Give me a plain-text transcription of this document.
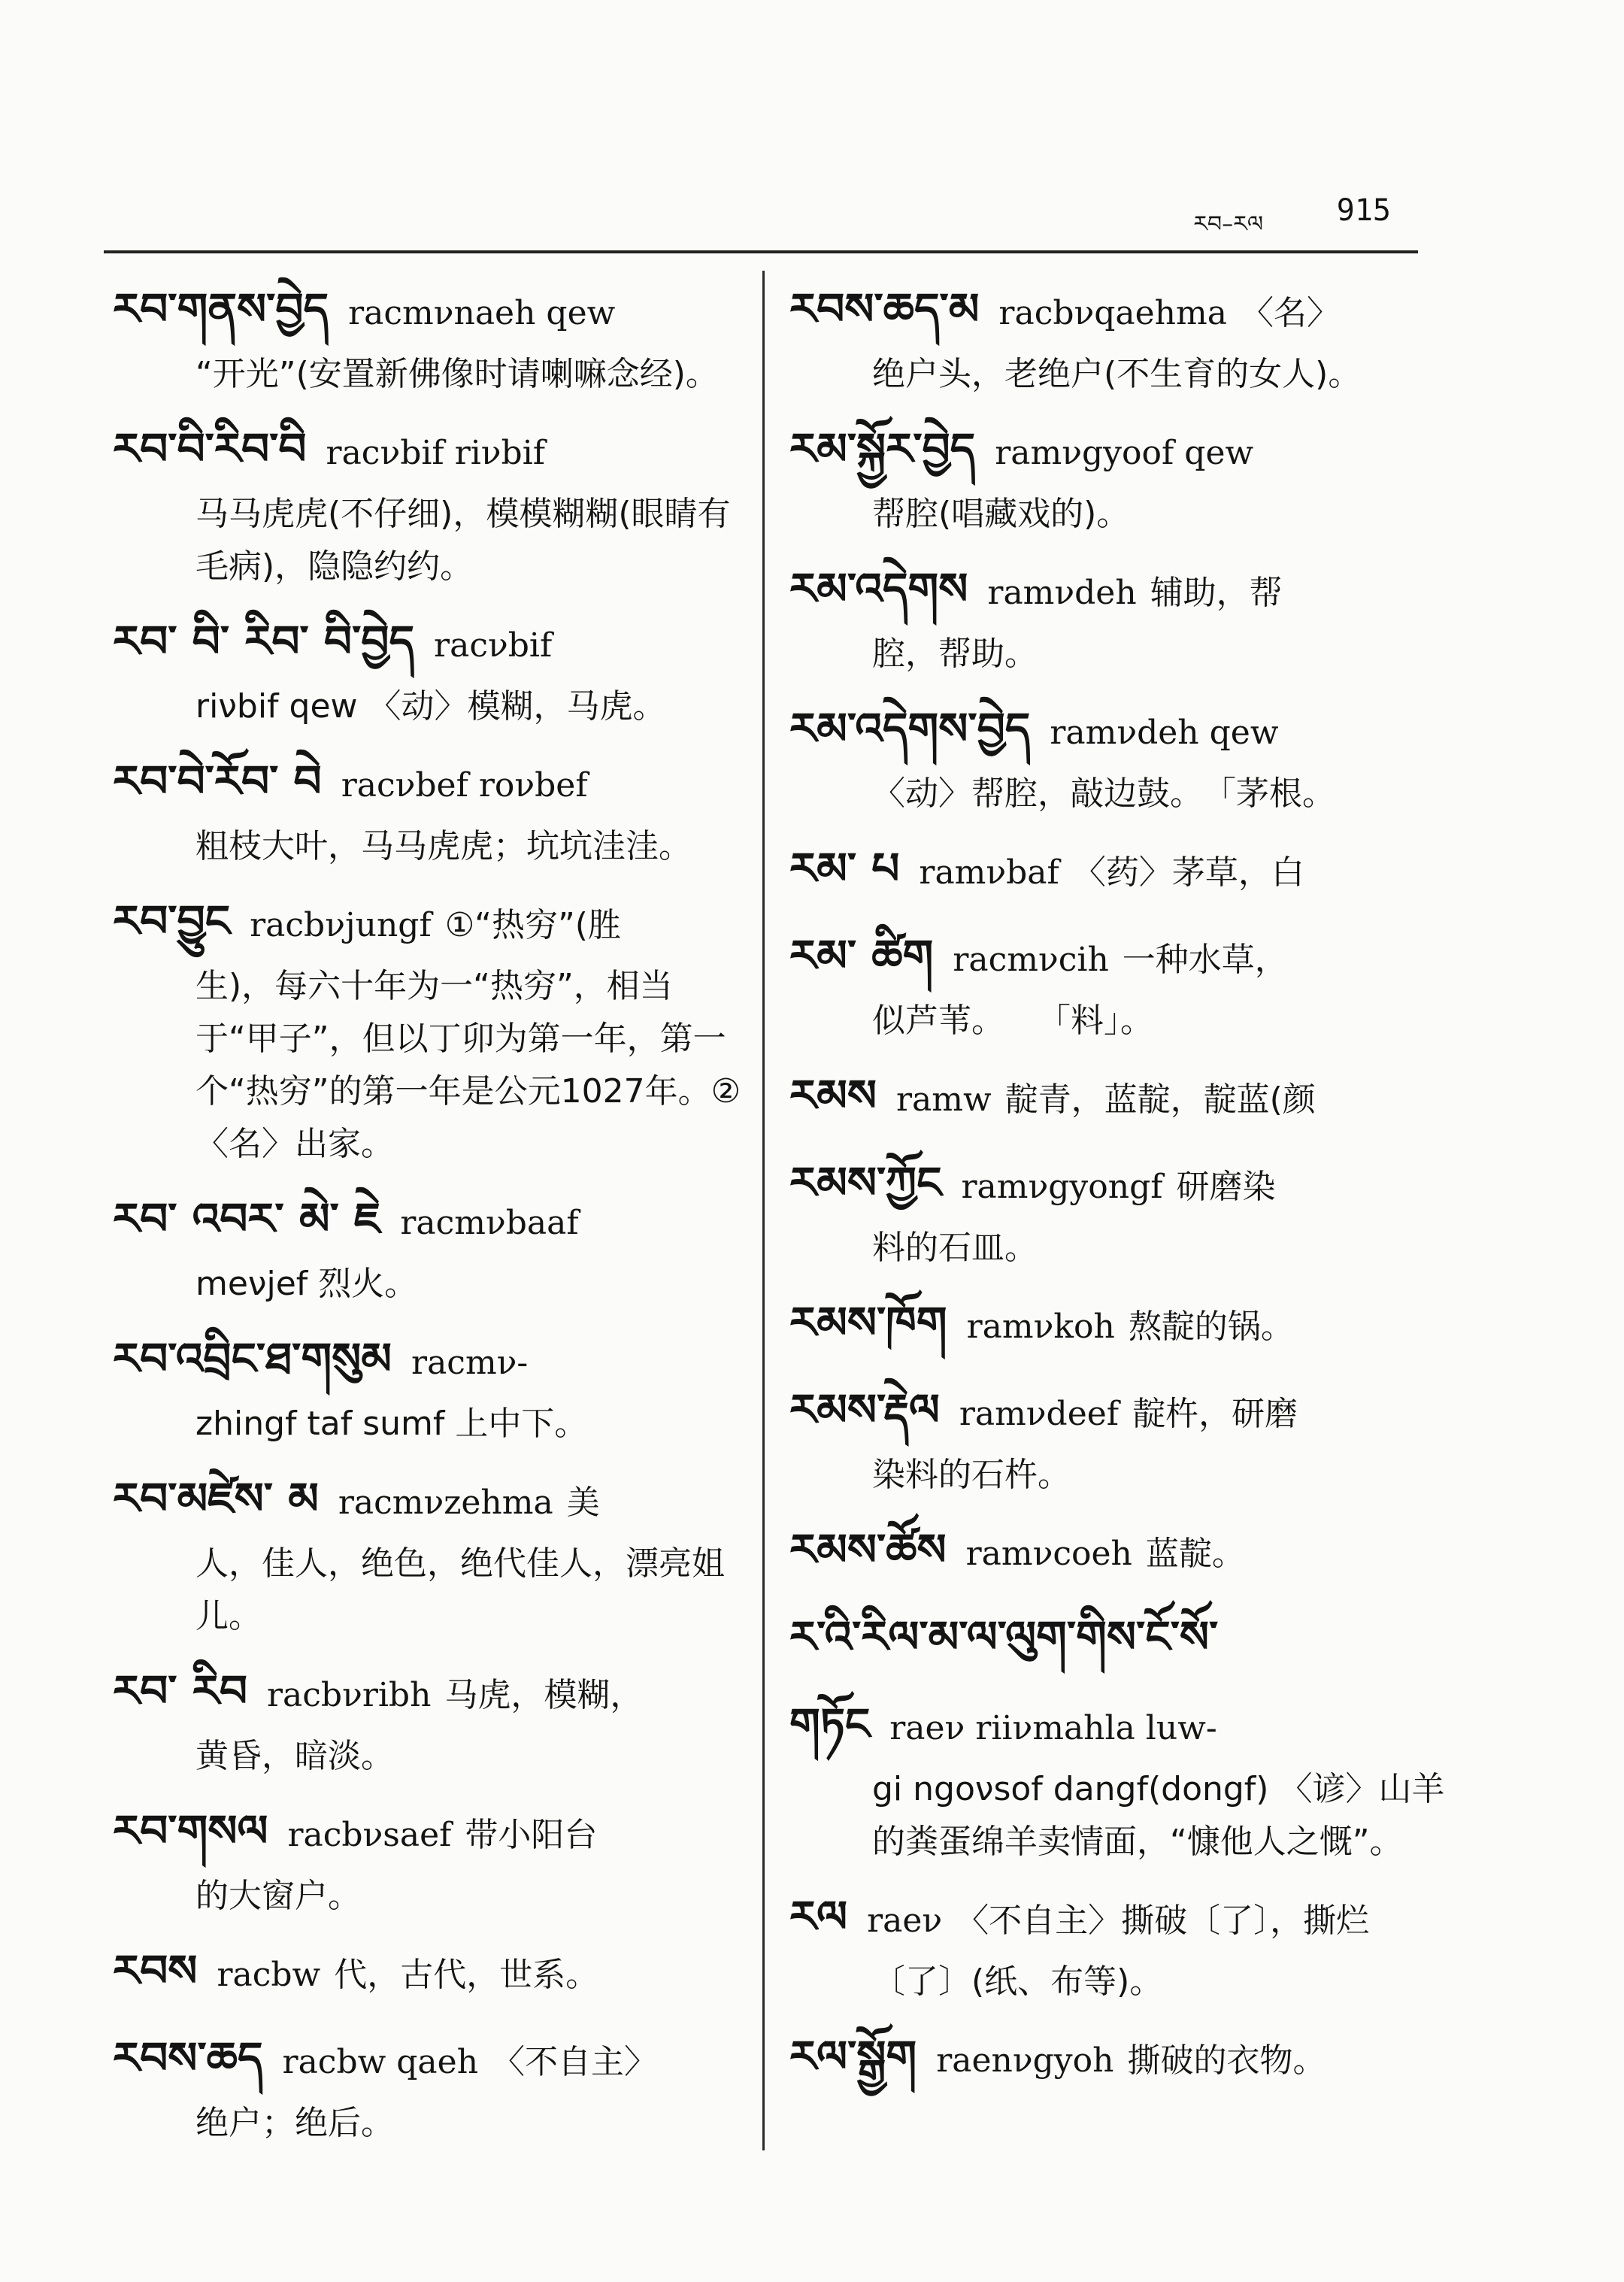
རབ–རལ 915
རབ་གནས་བྱེད racmνnaeh qew
“开光”(安置新佛像时请喇嘛念经)。
རབ་བི་རིབ་བི racνbif riνbif
马马虎虎(不仔细)，模模糊糊(眼睛有毛病)，隐隐约约。
རབ་ བི་ རིབ་ བི་བྱེད racνbif
riνbif qew 〈动〉模糊，马虎。
རབ་བེ་རོབ་ བེ racνbef roνbef
粗枝大叶，马马虎虎；坑坑洼洼。
རབ་བྱུང racbνjungf ①“热穷”(胜
生)，每六十年为一“热穷”，相当于“甲子”，但以丁卯为第一年，第一个“热穷”的第一年是公元1027年。②〈名〉出家。
རབ་ འབར་ མེ་ ཇེ racmνbaaf
meνjef 烈火。
རབ་འབྲིང་ཐ་གསུམ racmν-
zhingf taf sumf 上中下。
རབ་མཛེས་ མ racmνzehma 美
人，佳人，绝色，绝代佳人，漂亮姐儿。
རབ་ རིབ racbνribh 马虎，模糊，
黄昏，暗淡。
རབ་གསལ racbνsaef 带小阳台
的大窗户。
རབས racbw 代，古代，世系。
རབས་ཆད racbw qaeh 〈不自主〉
绝户；绝后。
རབས་ཆད་མ racbνqaehma 〈名〉
绝户头，老绝户(不生育的女人)。
རམ་སྐྱོར་བྱེད ramνgyoof qew
帮腔(唱藏戏的)。
རམ་འདེགས ramνdeh 辅助，帮
腔，帮助。
རམ་འདེགས་བྱེད ramνdeh qew
〈动〉帮腔，敲边鼓。　「茅根。
རམ་ པ ramνbaf 〈药〉茅草，白
རམ་ ཚིག racmνcih 一种水草，
似芦苇。　　「料」。
རམས ramw 靛青，蓝靛，靛蓝(颜
རམས་ཀྱོང ramνgyongf 研磨染
料的石皿。
རམས་ཁོག ramνkoh 熬靛的锅。
རམས་རྡེལ ramνdeef 靛杵，研磨
染料的石杵。
རམས་ཚོས ramνcoeh 蓝靛。
ར་འི་རིལ་མ་ལ་ལུག་གིས་ངོ་སོ་
གཏོང raeν riiνmahla luw-
gi ngoνsof dangf(dongf) 〈谚〉山羊的粪蛋绵羊卖情面，“慷他人之慨”。
རལ raeν 〈不自主〉撕破〔了〕，撕烂
〔了〕(纸、布等)。
རལ་སྒྱོག raenνgyoh 撕破的衣物。
